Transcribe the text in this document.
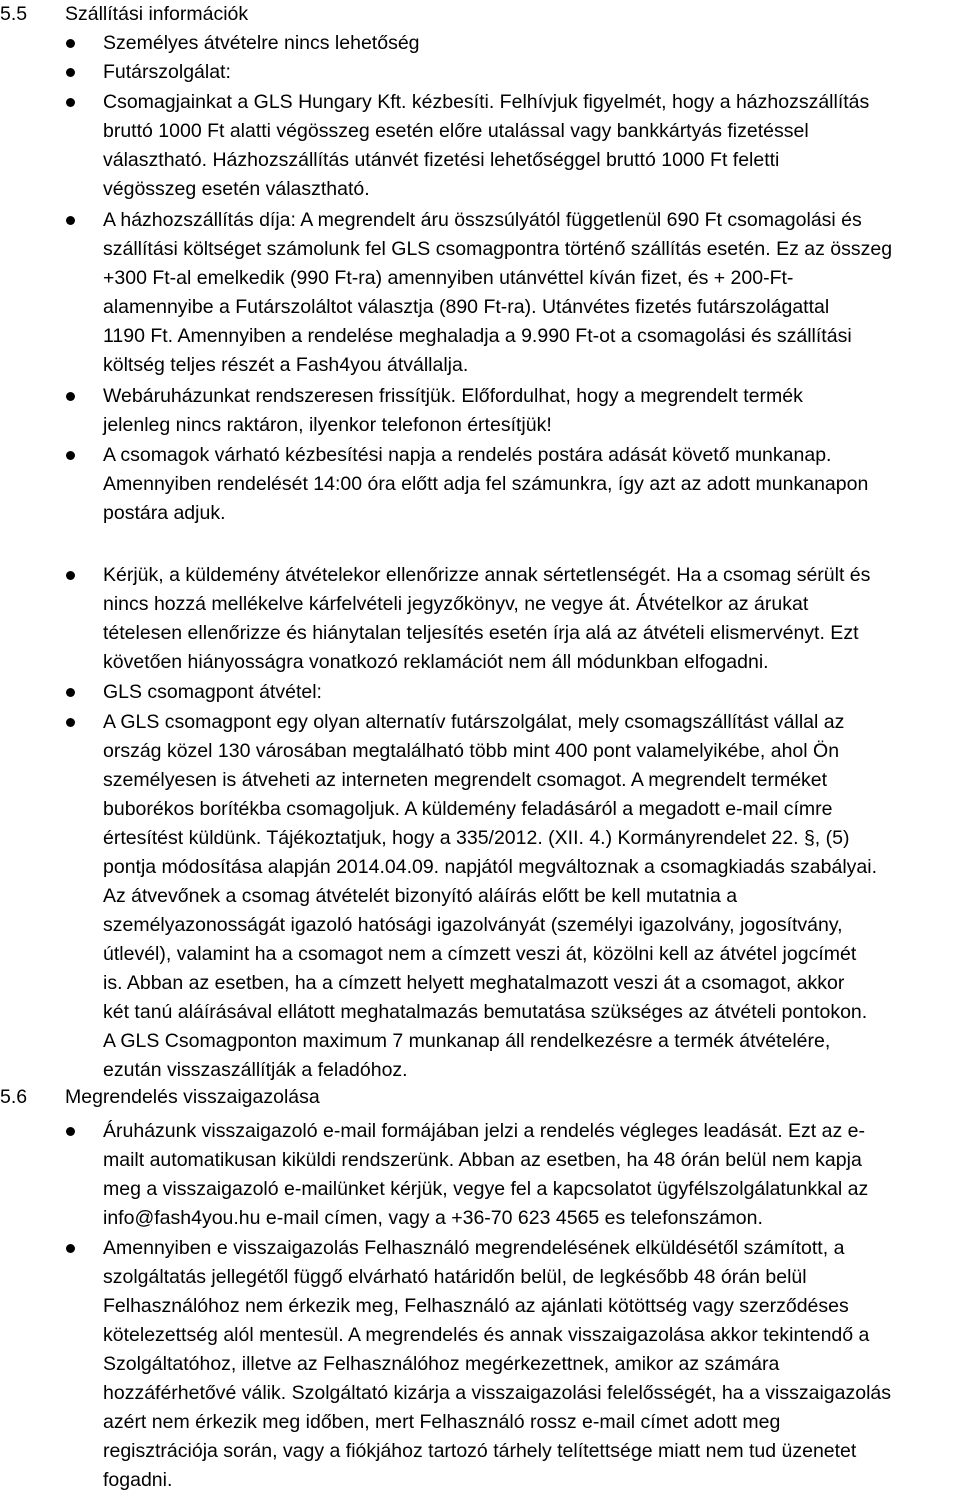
5.5 Szállítási információk
Személyes átvételre nincs lehetőség
Futárszolgálat:
Csomagjainkat a GLS Hungary Kft. kézbesíti. Felhívjuk figyelmét, hogy a házhozszállítás
bruttó 1000 Ft alatti végösszeg esetén előre utalással vagy bankkártyás fizetéssel
választható. Házhozszállítás utánvét fizetési lehetőséggel bruttó 1000 Ft feletti
végösszeg esetén választható.
A házhozszállítás díja: A megrendelt áru összsúlyától függetlenül 690 Ft csomagolási és
szállítási költséget számolunk fel GLS csomagpontra történő szállítás esetén. Ez az összeg
+300 Ft-al emelkedik (990 Ft-ra) amennyiben utánvéttel kíván fizet, és + 200-Ft-
alamennyibe a Futárszoláltot választja (890 Ft-ra). Utánvétes fizetés futárszolágattal
1190 Ft. Amennyiben a rendelése meghaladja a 9.990 Ft-ot a csomagolási és szállítási
költség teljes részét a Fash4you átvállalja.
Webáruházunkat rendszeresen frissítjük. Előfordulhat, hogy a megrendelt termék
jelenleg nincs raktáron, ilyenkor telefonon értesítjük!
A csomagok várható kézbesítési napja a rendelés postára adását követő munkanap.
Amennyiben rendelését 14:00 óra előtt adja fel számunkra, így azt az adott munkanapon
postára adjuk.
Kérjük, a küldemény átvételekor ellenőrizze annak sértetlenségét. Ha a csomag sérült és
nincs hozzá mellékelve kárfelvételi jegyzőkönyv, ne vegye át. Átvételkor az árukat
tételesen ellenőrizze és hiánytalan teljesítés esetén írja alá az átvételi elismervényt. Ezt
követően hiányosságra vonatkozó reklamációt nem áll módunkban elfogadni.
GLS csomagpont átvétel:
A GLS csomagpont egy olyan alternatív futárszolgálat, mely csomagszállítást vállal az
ország közel 130 városában megtalálható több mint 400 pont valamelyikébe, ahol Ön
személyesen is átveheti az interneten megrendelt csomagot. A megrendelt terméket
buborékos borítékba csomagoljuk. A küldemény feladásáról a megadott e-mail címre
értesítést küldünk. Tájékoztatjuk, hogy a 335/2012. (XII. 4.) Kormányrendelet 22. §, (5)
pontja módosítása alapján 2014.04.09. napjától megváltoznak a csomagkiadás szabályai.
Az átvevőnek a csomag átvételét bizonyító aláírás előtt be kell mutatnia a
személyazonosságát igazoló hatósági igazolványát (személyi igazolvány, jogosítvány,
útlevél), valamint ha a csomagot nem a címzett veszi át, közölni kell az átvétel jogcímét
is. Abban az esetben, ha a címzett helyett meghatalmazott veszi át a csomagot, akkor
két tanú aláírásával ellátott meghatalmazás bemutatása szükséges az átvételi pontokon.
A GLS Csomagponton maximum 7 munkanap áll rendelkezésre a termék átvételére,
ezután visszaszállítják a feladóhoz.
5.6 Megrendelés visszaigazolása
Áruházunk visszaigazoló e-mail formájában jelzi a rendelés végleges leadását. Ezt az e-
mailt automatikusan kiküldi rendszerünk. Abban az esetben, ha 48 órán belül nem kapja
meg a visszaigazoló e-mailünket kérjük, vegye fel a kapcsolatot ügyfélszolgálatunkkal az
info@fash4you.hu e-mail címen, vagy a +36-70 623 4565 es telefonszámon.
Amennyiben e visszaigazolás Felhasználó megrendelésének elküldésétől számított, a
szolgáltatás jellegétől függő elvárható határidőn belül, de legkésőbb 48 órán belül
Felhasználóhoz nem érkezik meg, Felhasználó az ajánlati kötöttség vagy szerződéses
kötelezettség alól mentesül. A megrendelés és annak visszaigazolása akkor tekintendő a
Szolgáltatóhoz, illetve az Felhasználóhoz megérkezettnek, amikor az számára
hozzáférhetővé válik. Szolgáltató kizárja a visszaigazolási felelősségét, ha a visszaigazolás
azért nem érkezik meg időben, mert Felhasználó rossz e-mail címet adott meg
regisztrációja során, vagy a fiókjához tartozó tárhely telítettsége miatt nem tud üzenetet
fogadni.
